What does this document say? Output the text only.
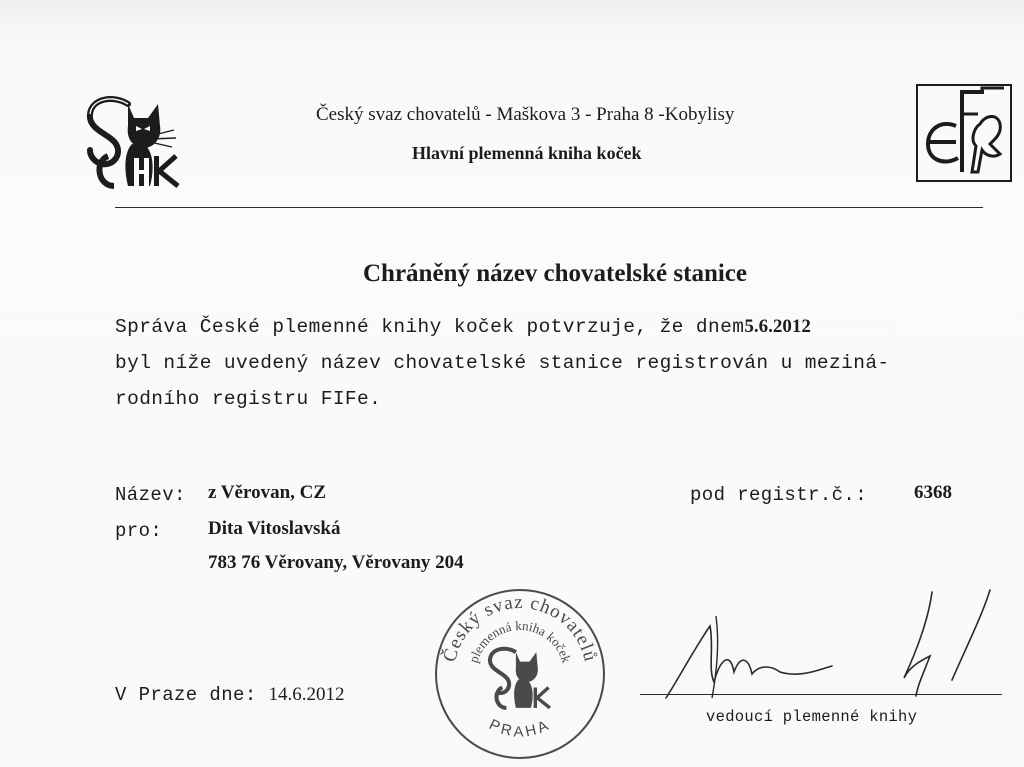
Český svaz chovatelů - Maškova 3 - Praha 8 -Kobylisy
Hlavní plemenná kniha koček
Chráněný název chovatelské stanice
Správa České plemenné knihy koček potvrzuje, že dnem5.6.2012
byl níže uvedený název chovatelské stanice registrován u meziná-
rodního registru FIFe.
Název: z Věrovan, CZ	pod registr.č.: 6368
pro: Dita Vitoslavská
783 76 Věrovany, Věrovany 204
V Praze dne: 14.6.2012
Český svaz chovatelů
plemenná kniha koček
PRAHA	vedoucí plemenné knihy
